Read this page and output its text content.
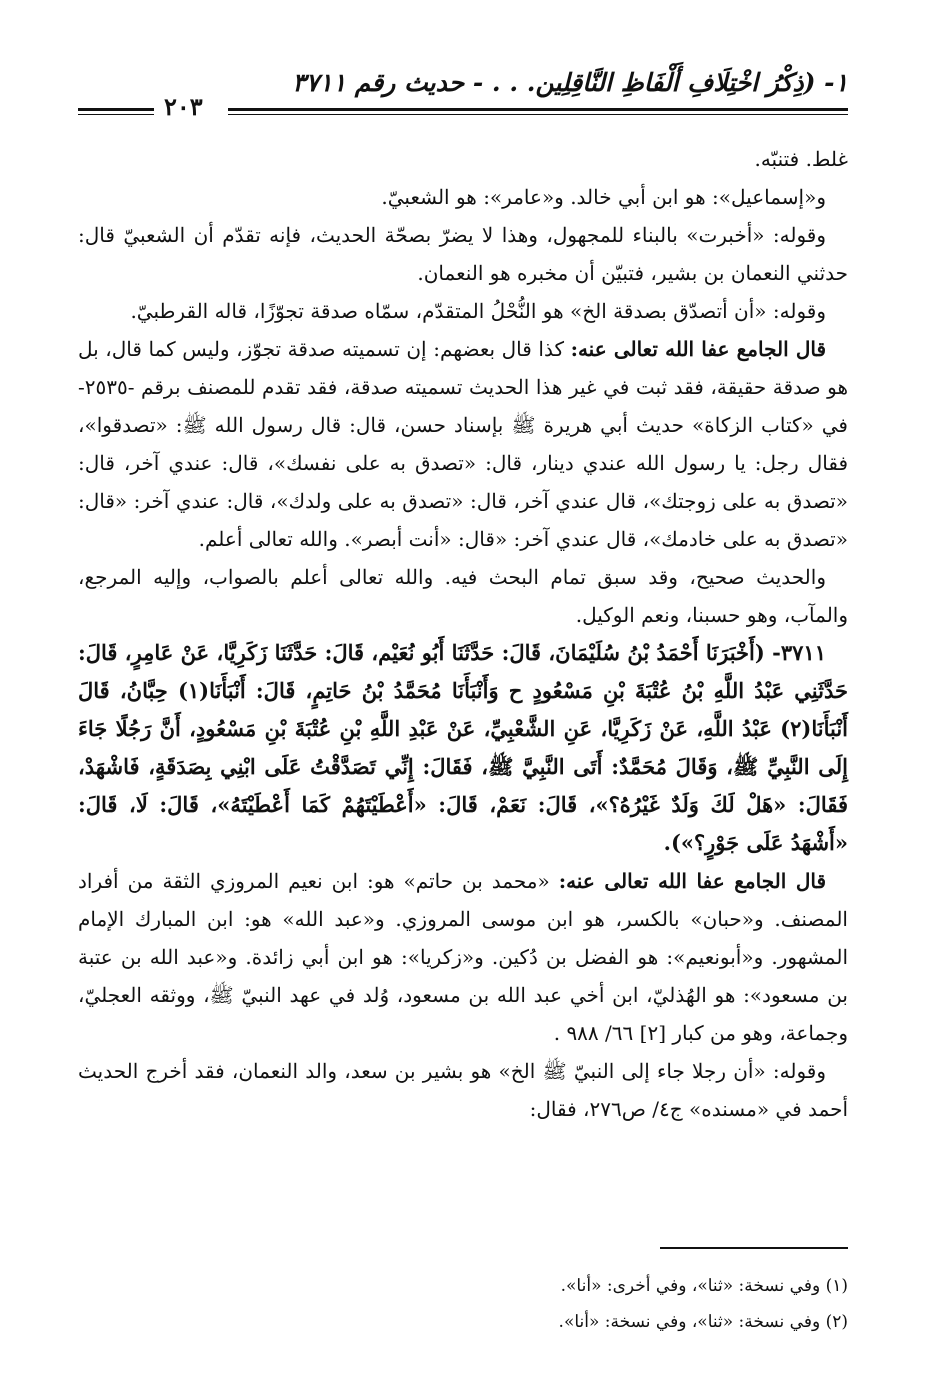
١- (ذِكْرُ اخْتِلَافِ أَلْفَاظِ النَّاقِلِين. . . - حديث رقم ٣٧١١
٢٠٣

غلط. فتنبّه.

و«إسماعيل»: هو ابن أبي خالد. و«عامر»: هو الشعبيّ.

وقوله: «أخبرت» بالبناء للمجهول، وهذا لا يضرّ بصحّة الحديث، فإنه تقدّم أن الشعبيّ قال: حدثني النعمان بن بشير، فتبيّن أن مخبره هو النعمان.

وقوله: «أن أتصدّق بصدقة الخ» هو النُّحْلُ المتقدّم، سمّاه صدقة تجوّزًا، قاله القرطبيّ.

قال الجامع عفا الله تعالى عنه: كذا قال بعضهم: إن تسميته صدقة تجوّز، وليس كما قال، بل هو صدقة حقيقة، فقد ثبت في غير هذا الحديث تسميته صدقة، فقد تقدم للمصنف برقم -٢٥٣٥- في «كتاب الزكاة» حديث أبي هريرة ﷺ بإسناد حسن، قال: قال رسول الله ﷺ: «تصدقوا»، فقال رجل: يا رسول الله عندي دينار، قال: «تصدق به على نفسك»، قال: عندي آخر، قال: «تصدق به على زوجتك»، قال عندي آخر، قال: «تصدق به على ولدك»، قال: عندي آخر: «قال: «تصدق به على خادمك»، قال عندي آخر: «قال: «أنت أبصر». والله تعالى أعلم.

والحديث صحيح، وقد سبق تمام البحث فيه. والله تعالى أعلم بالصواب، وإليه المرجع، والمآب، وهو حسبنا، ونعم الوكيل.

٣٧١١- (أَخْبَرَنَا أَحْمَدُ بْنُ سُلَيْمَانَ، قَالَ: حَدَّثَنَا أَبُو نُعَيْم، قَالَ: حَدَّثَنَا زَكَرِيَّا، عَنْ عَامِرٍ، قَالَ: حَدَّثَنِي عَبْدُ اللَّهِ بْنُ عُتْبَةَ بْنِ مَسْعُودٍ ح وَأَنْبَأَنَا مُحَمَّدُ بْنُ حَاتِمٍ، قَالَ: أَنْبَأَنَا(١) حِبَّانُ، قَالَ أَنْبَأَنَا(٢) عَبْدُ اللَّهِ، عَنْ زَكَرِيَّا، عَنِ الشَّعْبِيِّ، عَنْ عَبْدِ اللَّهِ بْنِ عُتْبَةَ بْنِ مَسْعُودٍ، أَنَّ رَجُلًا جَاءَ إِلَى النَّبِيِّ ﷺ، وَقَالَ مُحَمَّدٌ: أَتَى النَّبِيَّ ﷺ، فَقَالَ: إِنِّي تَصَدَّقْتُ عَلَى ابْنِي بِصَدَقَةٍ، فَاشْهَدْ، فَقَالَ: «هَلْ لَكَ وَلَدٌ غَيْرُهُ؟»، قَالَ: نَعَمْ، قَالَ: «أَعْطَيْتَهُمْ كَمَا أَعْطَيْتَهُ»، قَالَ: لَا، قَالَ: «أَشْهَدُ عَلَى جَوْرٍ؟»).

قال الجامع عفا الله تعالى عنه: «محمد بن حاتم» هو: ابن نعيم المروزي الثقة من أفراد المصنف. و«حبان» بالكسر، هو ابن موسى المروزي. و«عبد الله» هو: ابن المبارك الإمام المشهور. و«أبونعيم»: هو الفضل بن دُكين. و«زكريا»: هو ابن أبي زائدة. و«عبد الله بن عتبة بن مسعود»: هو الهُذليّ، ابن أخي عبد الله بن مسعود، وُلد في عهد النبيّ ﷺ، ووثقه العجليّ، وجماعة، وهو من كبار [٢] ٦٦/ ٩٨٨ .

وقوله: «أن رجلا جاء إلى النبيّ ﷺ الخ» هو بشير بن سعد، والد النعمان، فقد أخرج الحديث أحمد في «مسنده» ج٤/ ص٢٧٦، فقال:

(١) وفي نسخة: «ثنا»، وفي أخرى: «أنا».

(٢) وفي نسخة: «ثنا»، وفي نسخة: «أنا».
